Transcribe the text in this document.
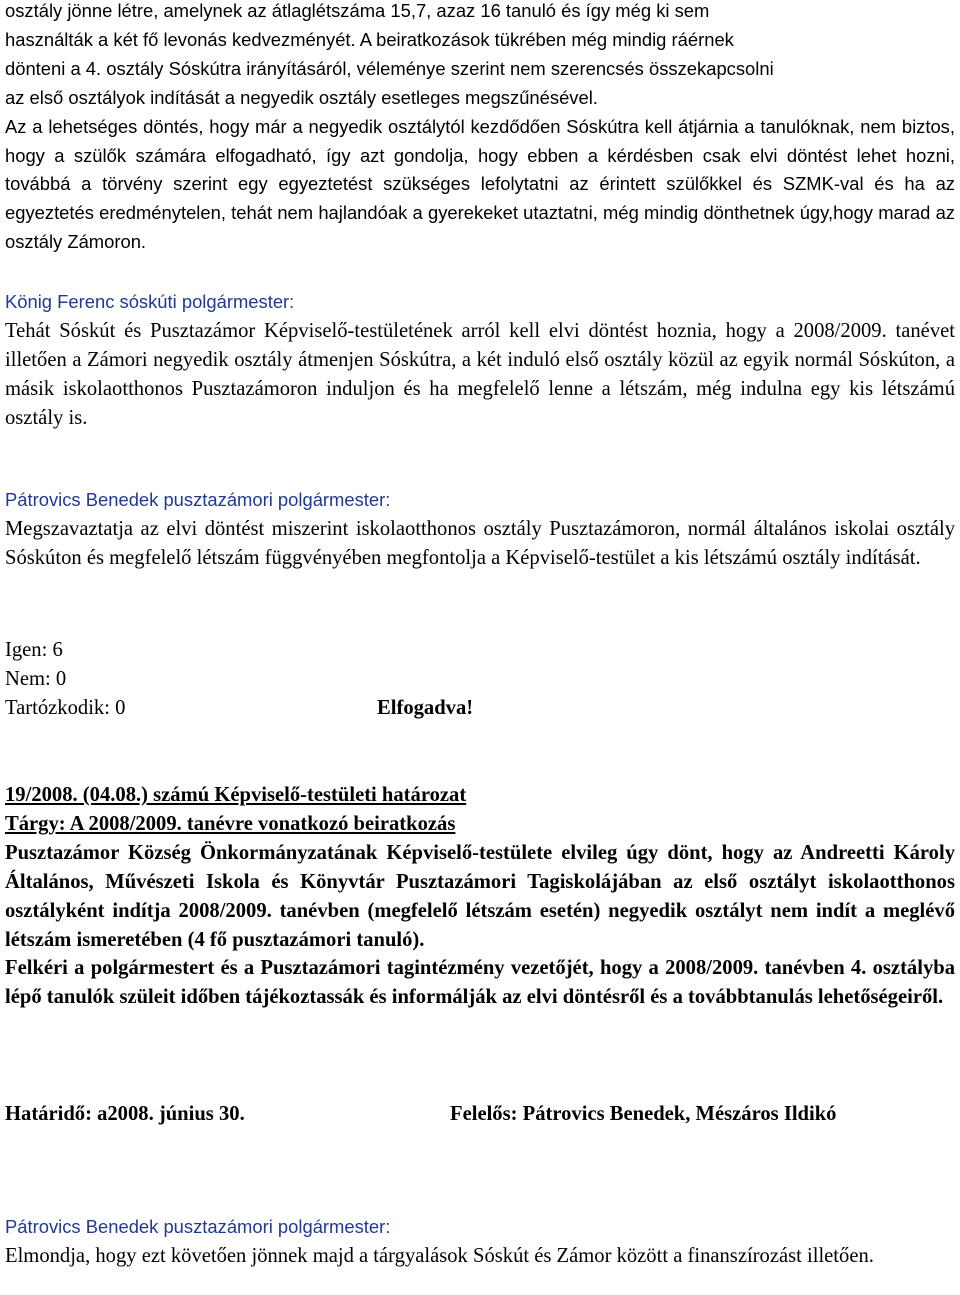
osztály jönne létre, amelynek az átlaglétszáma 15,7, azaz 16 tanuló és így még ki sem

használták a két fő levonás kedvezményét. A beiratkozások tükrében még mindig ráérnek

dönteni a 4. osztály Sóskútra irányításáról, véleménye szerint nem szerencsés összekapcsolni

az első osztályok indítását a negyedik osztály esetleges megszűnésével.

Az a lehetséges döntés, hogy már a negyedik osztálytól kezdődően Sóskútra kell átjárnia a tanulóknak, nem biztos, hogy a szülők számára elfogadható, így azt gondolja, hogy ebben a kérdésben csak elvi döntést lehet hozni, továbbá a törvény szerint egy egyeztetést szükséges lefolytatni az érintett szülőkkel és SZMK-val és ha az egyeztetés eredménytelen, tehát nem hajlandóak a gyerekeket utaztatni, még mindig dönthetnek úgy,hogy marad az osztály Zámoron.

König Ferenc sóskúti polgármester:

Tehát Sóskút és Pusztazámor Képviselő-testületének arról kell elvi döntést hoznia, hogy a 2008/2009. tanévet illetően a Zámori negyedik osztály átmenjen Sóskútra, a két induló első osztály közül az egyik normál Sóskúton, a másik iskolaotthonos Pusztazámoron induljon és ha megfelelő lenne a létszám, még indulna egy kis létszámú osztály is.

Pátrovics Benedek pusztazámori polgármester:

Megszavaztatja az elvi döntést miszerint iskolaotthonos osztály Pusztazámoron, normál általános iskolai osztály Sóskúton és megfelelő létszám függvényében megfontolja a Képviselő-testület a kis létszámú osztály indítását.

Igen: 6

Nem: 0

Tartózkodik: 0	Elfogadva!

19/2008. (04.08.) számú Képviselő-testületi határozat

Tárgy: A 2008/2009. tanévre vonatkozó beiratkozás

Pusztazámor Község Önkormányzatának Képviselő-testülete elvileg úgy dönt, hogy az Andreetti Károly Általános, Művészeti Iskola és Könyvtár Pusztazámori Tagiskolájában az első osztályt iskolaotthonos osztályként indítja 2008/2009. tanévben (megfelelő létszám esetén) negyedik osztályt nem indít a meglévő létszám ismeretében (4 fő pusztazámori tanuló).

Felkéri a polgármestert és a Pusztazámori tagintézmény vezetőjét, hogy a 2008/2009. tanévben 4. osztályba lépő tanulók szüleit időben tájékoztassák és informálják az elvi döntésről és a továbbtanulás lehetőségeiről.

Határidő: a2008. június 30.	Felelős: Pátrovics Benedek, Mészáros Ildikó

Pátrovics Benedek pusztazámori polgármester:

Elmondja, hogy ezt követően jönnek majd a tárgyalások Sóskút és Zámor között a finanszírozást illetően.
